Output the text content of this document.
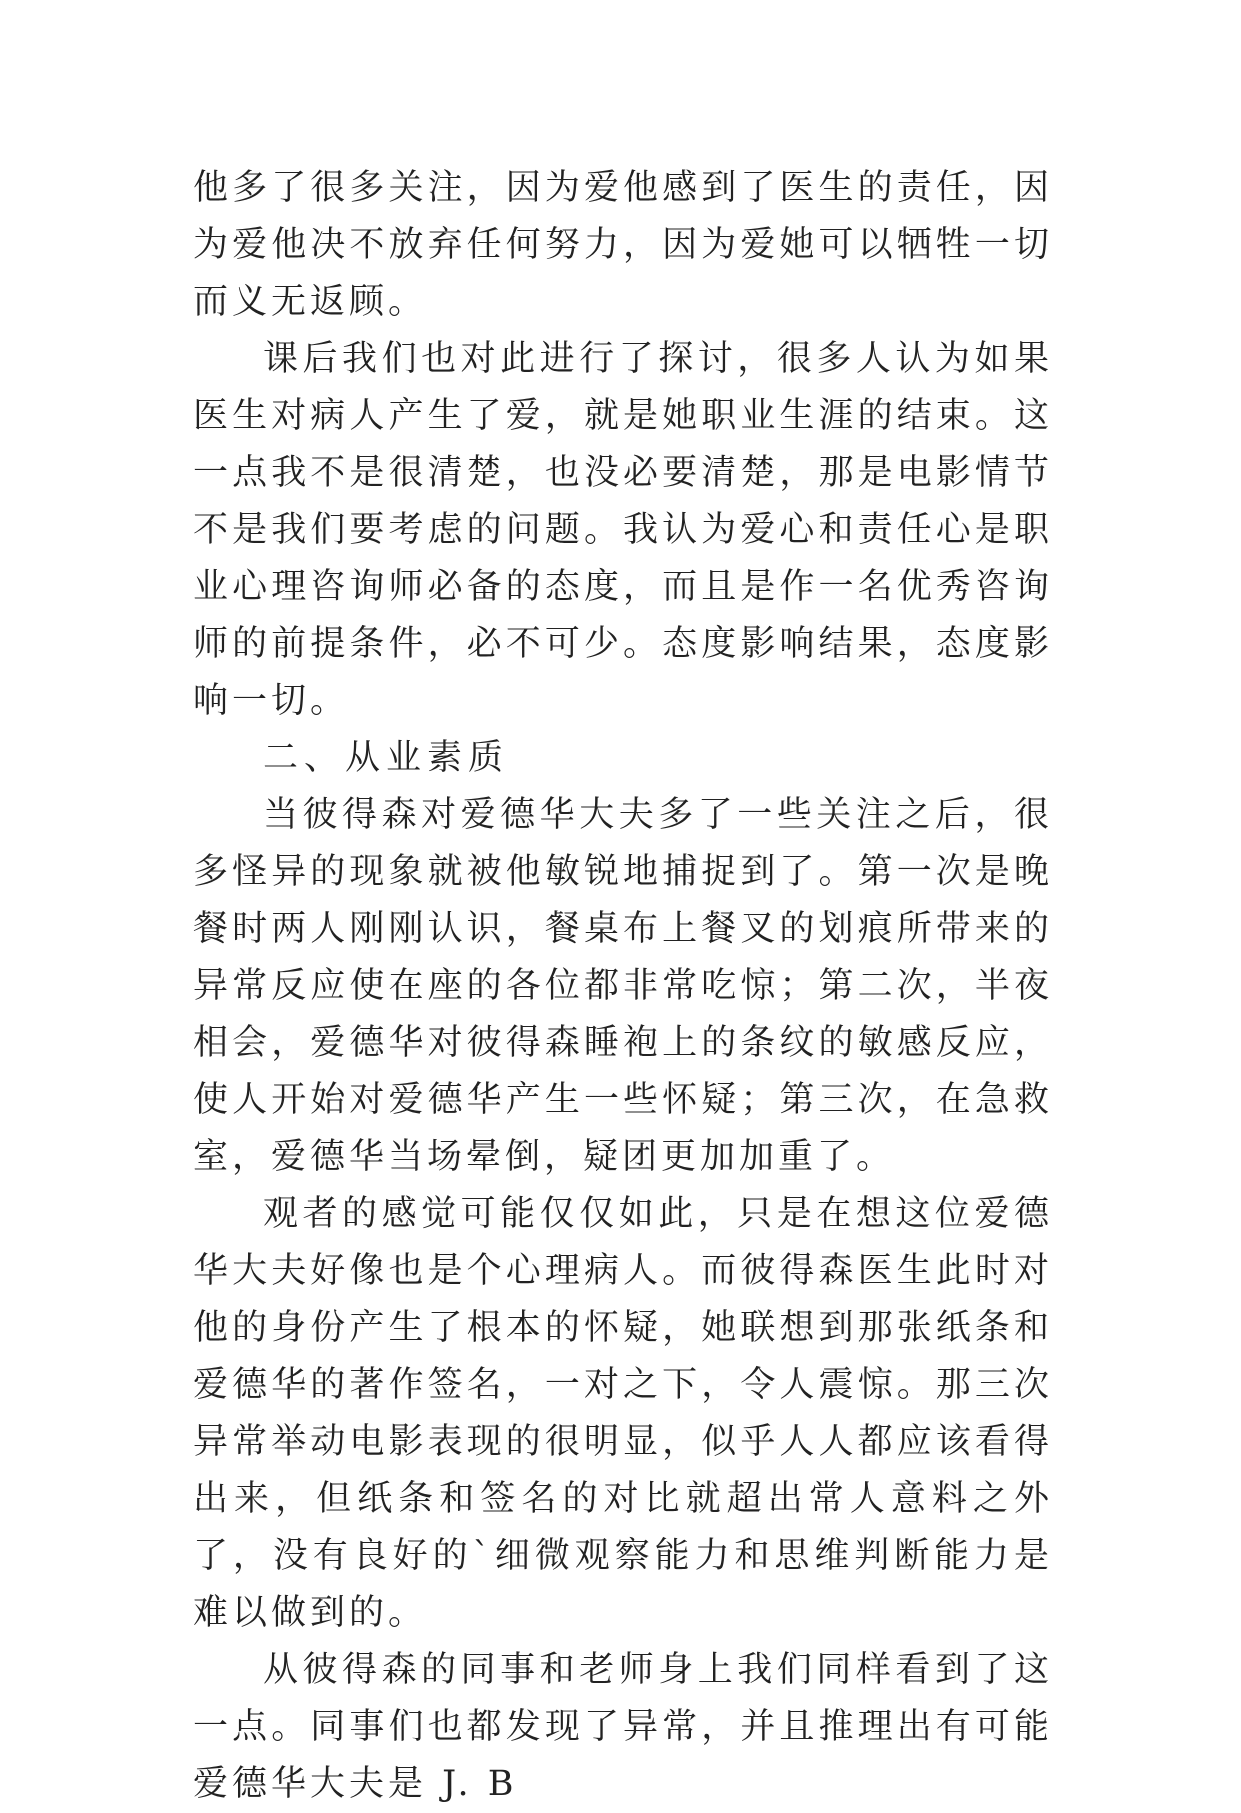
他多了很多关注，因为爱他感到了医生的责任，因为爱他决不放弃任何努力，因为爱她可以牺牲一切而义无返顾。

课后我们也对此进行了探讨，很多人认为如果医生对病人产生了爱，就是她职业生涯的结束。这一点我不是很清楚，也没必要清楚，那是电影情节不是我们要考虑的问题。我认为爱心和责任心是职业心理咨询师必备的态度，而且是作一名优秀咨询师的前提条件，必不可少。态度影响结果，态度影响一切。

二、从业素质

当彼得森对爱德华大夫多了一些关注之后，很多怪异的现象就被他敏锐地捕捉到了。第一次是晚餐时两人刚刚认识，餐桌布上餐叉的划痕所带来的异常反应使在座的各位都非常吃惊；第二次，半夜相会，爱德华对彼得森睡袍上的条纹的敏感反应，使人开始对爱德华产生一些怀疑；第三次，在急救室，爱德华当场晕倒，疑团更加加重了。

观者的感觉可能仅仅如此，只是在想这位爱德华大夫好像也是个心理病人。而彼得森医生此时对他的身份产生了根本的怀疑，她联想到那张纸条和爱德华的著作签名，一对之下，令人震惊。那三次异常举动电影表现的很明显，似乎人人都应该看得出来，但纸条和签名的对比就超出常人意料之外了，没有良好的`细微观察能力和思维判断能力是难以做到的。

从彼得森的同事和老师身上我们同样看到了这一点。同事们也都发现了异常，并且推理出有可能爱德华大夫是 J. B
